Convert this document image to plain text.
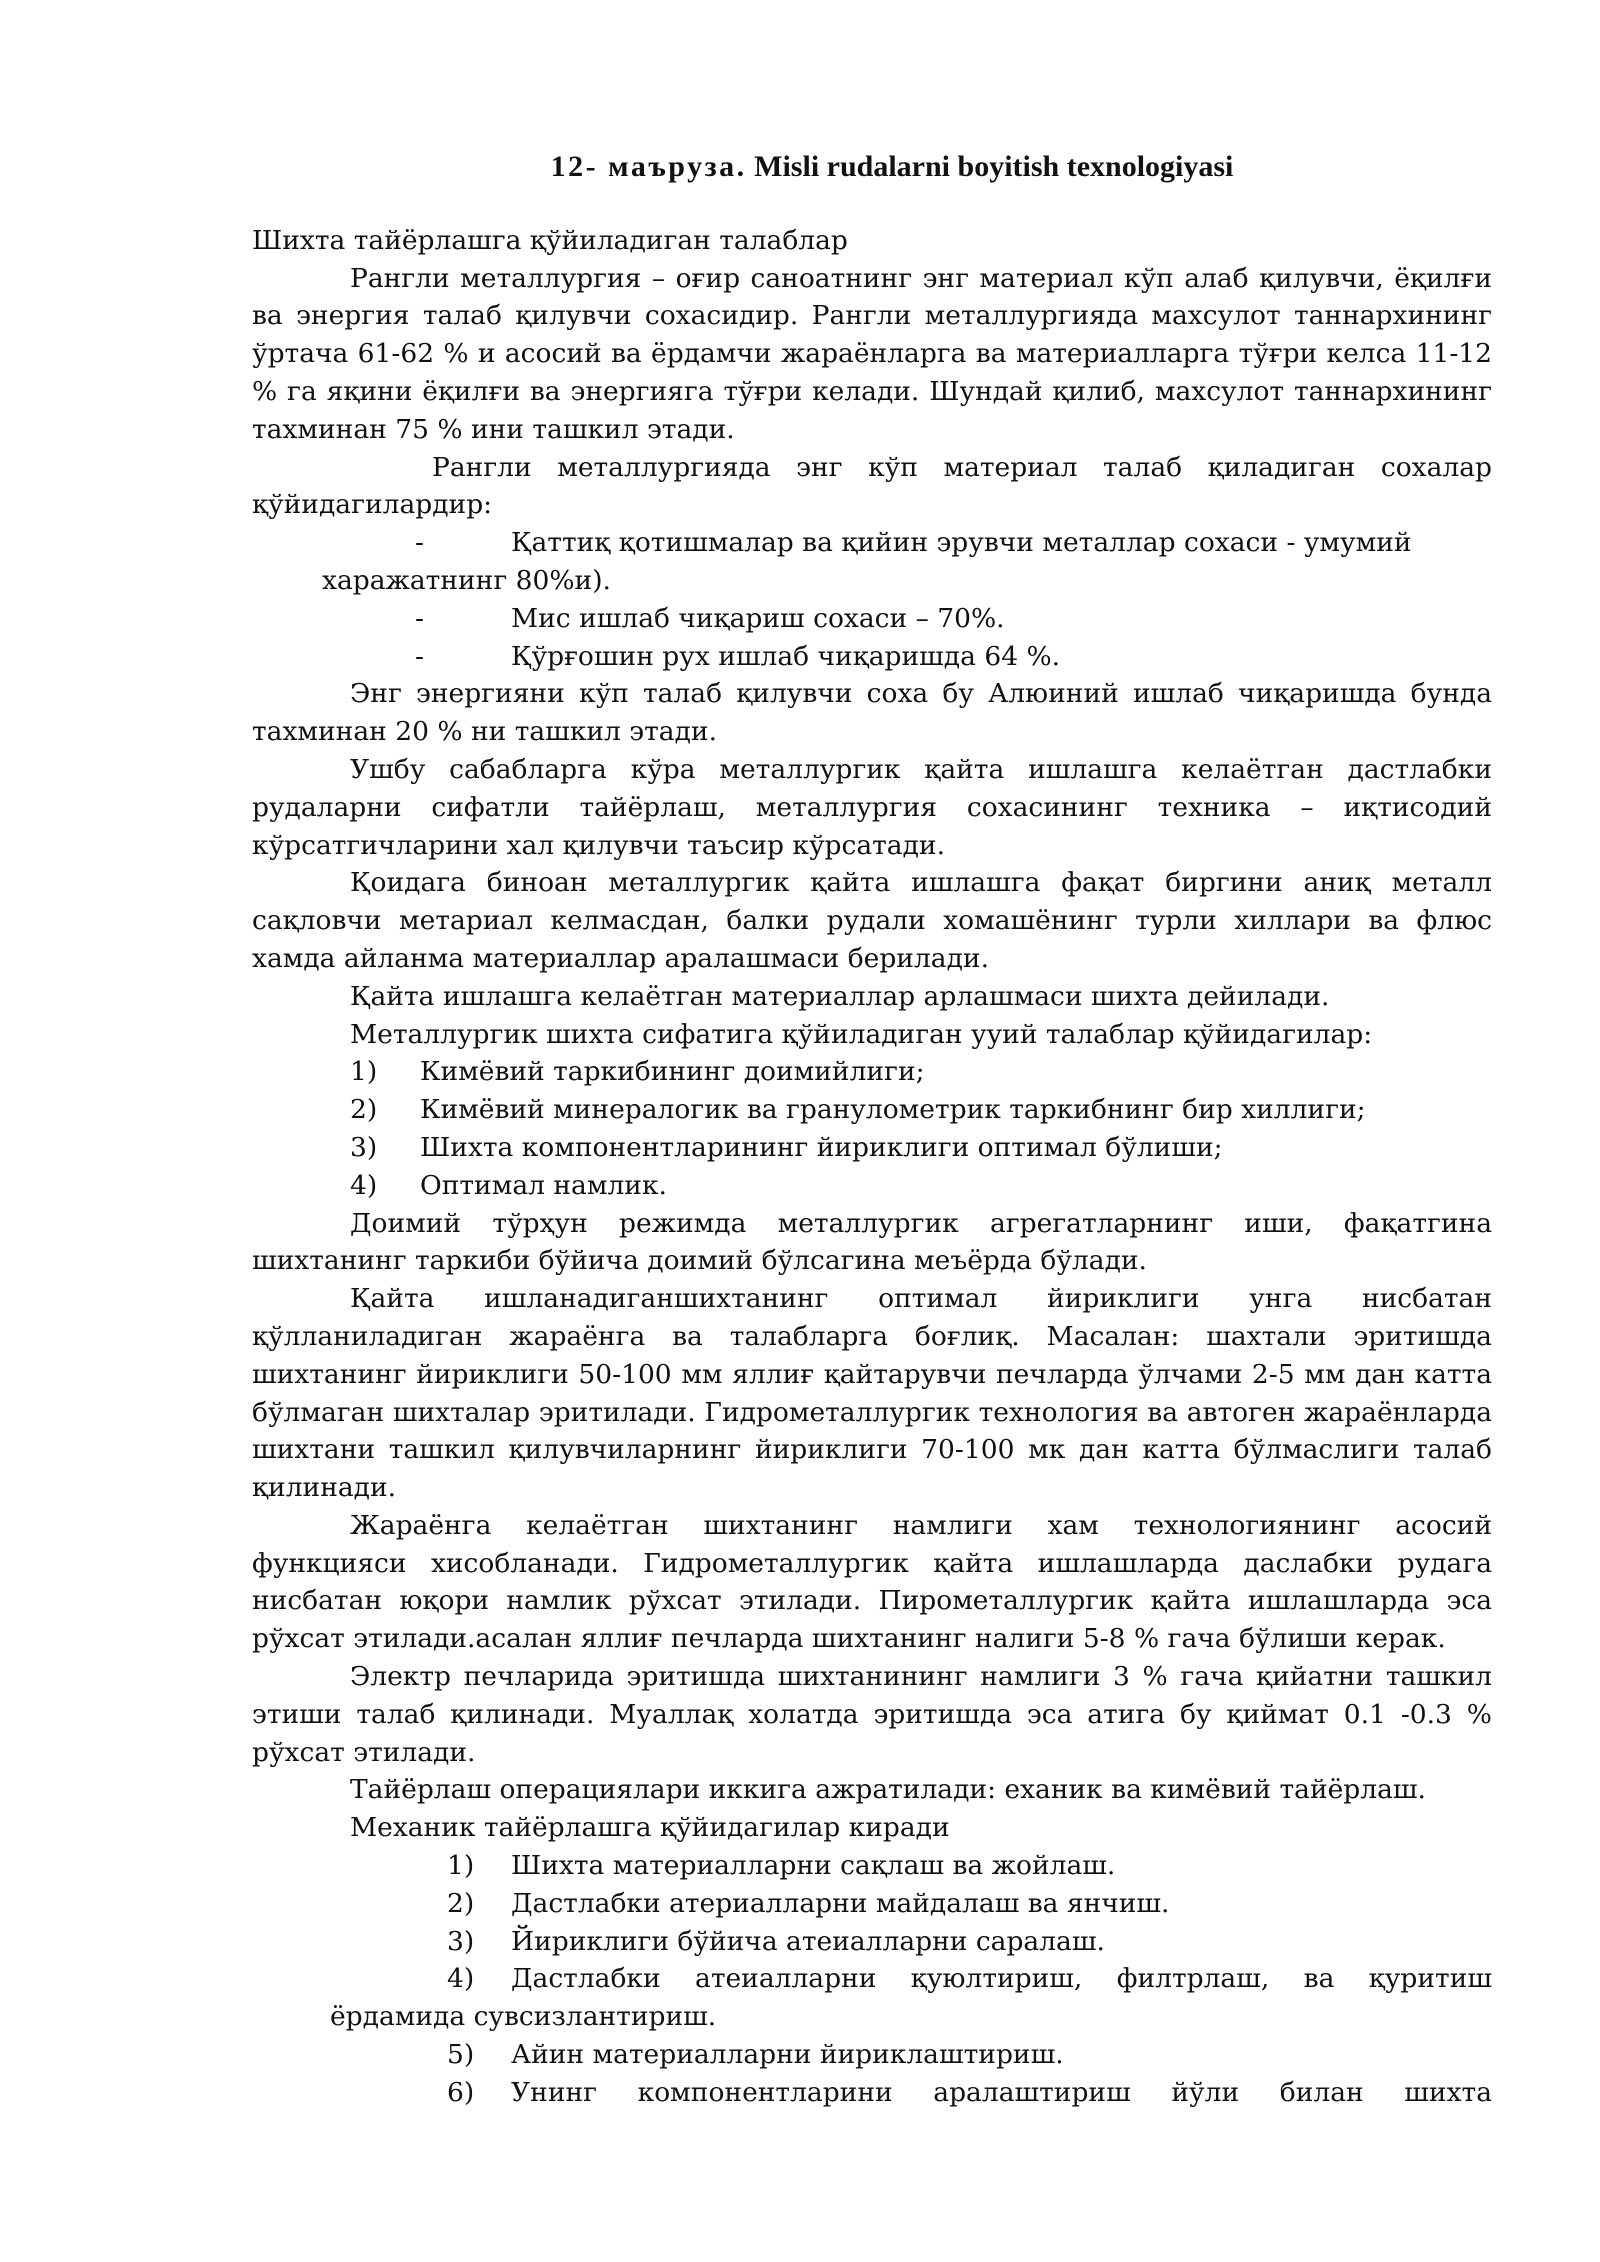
12- маъруза. Misli rudalarni boyitish texnologiyasi

Шихта тайёрлашга қўйиладиган талаблар

Рангли металлургия – оғир саноатнинг энг материал кўп алаб қилувчи, ёқилғи ва энергия талаб қилувчи сохасидир. Рангли металлургияда махсулот таннархининг ўртача 61-62 % и асосий ва ёрдамчи жараёнларга ва материалларга тўғри келса 11-12 % га яқини ёқилғи ва энергияга тўғри келади. Шундай қилиб, махсулот таннархининг тахминан 75 % ини ташкил этади.

Рангли металлургияда энг кўп материал талаб қиладиган сохалар қўйидагилардир:

-	Қаттиқ қотишмалар ва қийин эрувчи металлар сохаси - умумий

харажатнинг 80%и).

-	Мис ишлаб чиқариш сохаси – 70%.
-	Қўрғошин рух ишлаб чиқаришда 64 %.

Энг энергияни кўп талаб қилувчи соха бу Алюиний ишлаб чиқаришда бунда тахминан 20 % ни ташкил этади.

Ушбу сабабларга кўра металлургик қайта ишлашга келаётган дастлабки рудаларни сифатли тайёрлаш, металлургия сохасининг техника – иқтисодий кўрсатгичларини хал қилувчи таъсир кўрсатади.

Қоидага биноан металлургик қайта ишлашга фақат биргини аниқ металл сақловчи метариал келмасдан, балки рудали хомашёнинг турли хиллари ва флюс хамда айланма материаллар аралашмаси берилади.

Қайта ишлашга келаётган материаллар арлашмаси шихта дейилади.

Металлургик шихта сифатига қўйиладиган ууий талаблар қўйидагилар:

1)	Кимёвий таркибининг доимийлиги;
2)	Кимёвий минералогик ва гранулометрик таркибнинг бир хиллиги;
3)	Шихта компонентларининг йириклиги оптимал бўлиши;
4)	Оптимал намлик.

Доимий тўрҳун режимда металлургик агрегатларнинг иши, фақатгина шихтанинг таркиби бўйича доимий бўлсагина меъёрда бўлади.

Қайта ишланадиганшихтанинг оптимал йириклиги унга нисбатан қўлланиладиган жараёнга ва талабларга боғлиқ. Масалан: шахтали эритишда шихтанинг йириклиги 50-100 мм яллиғ қайтарувчи печларда ўлчами 2-5 мм дан катта бўлмаган шихталар эритилади. Гидрометаллургик технология ва автоген жараёнларда шихтани ташкил қилувчиларнинг йириклиги 70-100 мк дан катта бўлмаслиги талаб қилинади.

Жараёнга келаётган шихтанинг намлиги хам технологиянинг асосий функцияси хисобланади. Гидрометаллургик қайта ишлашларда даслабки рудага нисбатан юқори намлик рўхсат этилади. Пирометаллургик қайта ишлашларда эса рўхсат этилади.асалан яллиғ печларда шихтанинг налиги 5-8 % гача бўлиши керак.

Электр печларида эритишда шихтанининг намлиги 3 % гача қийатни ташкил этиши талаб қилинади. Муаллақ холатда эритишда эса атига бу қиймат 0.1 -0.3 % рўхсат этилади.

Тайёрлаш операциялари иккига ажратилади: еханик ва кимёвий тайёрлаш.

Механик тайёрлашга қўйидагилар киради

1)	Шихта материалларни сақлаш ва жойлаш.
2)	Дастлабки атериалларни майдалаш ва янчиш.
3)	Йириклиги бўйича атеиалларни саралаш.
4)	Дастлабки атеиалларни қуюлтириш, филтрлаш, ва қуритиш

ёрдамида сувсизлантириш.

5)	Айин материалларни йириклаштириш.
6)	Унинг компонентларини аралаштириш йўли билан шихта
